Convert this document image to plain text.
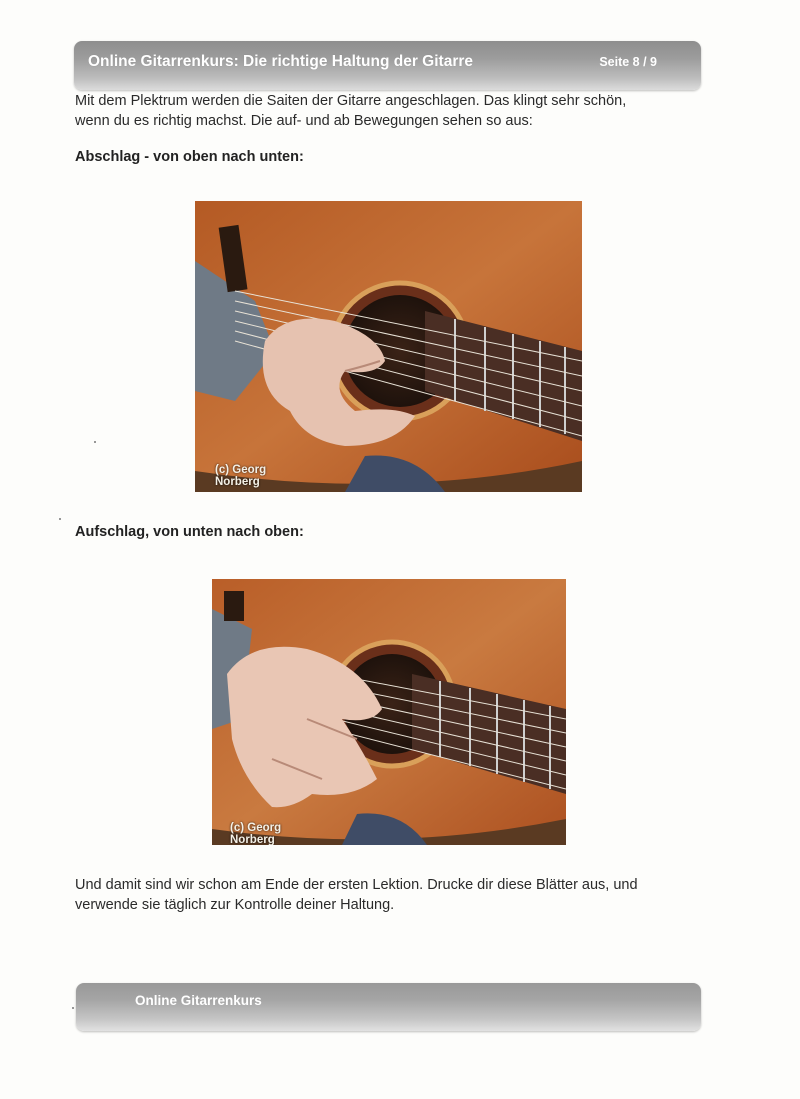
Online Gitarrenkurs: Die richtige Haltung der Gitarre	Seite 8 / 9
Mit dem Plektrum werden die Saiten der Gitarre angeschlagen. Das klingt sehr schön,
wenn du es richtig machst. Die auf- und ab Bewegungen sehen so aus:
Abschlag - von oben nach unten:
(c) Georg
Norberg
Aufschlag, von unten nach oben:
(c) Georg
Norberg
Und damit sind wir schon am Ende der ersten Lektion. Drucke dir diese Blätter aus, und
verwende sie täglich zur Kontrolle deiner Haltung.
Online Gitarrenkurs
